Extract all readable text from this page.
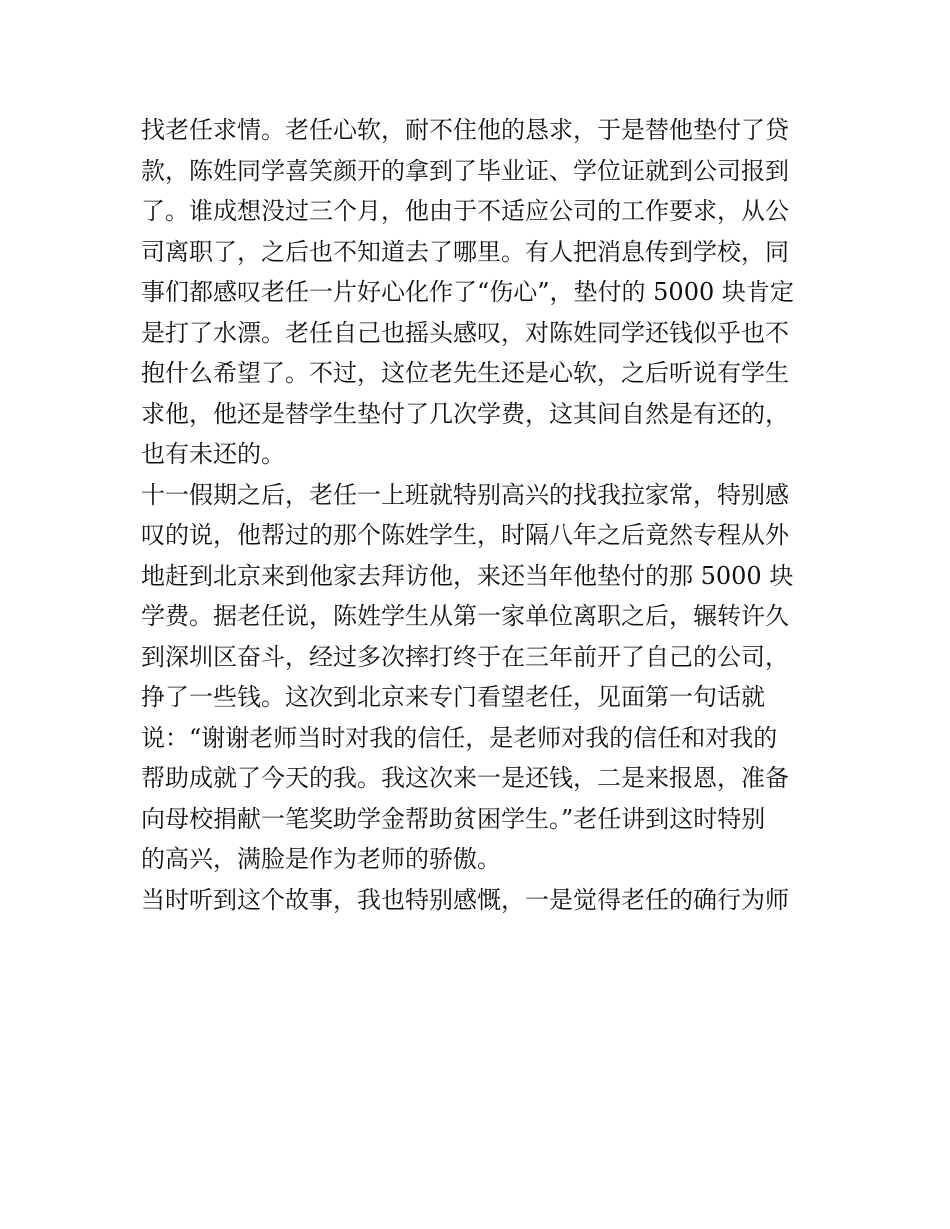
找老任求情。老任心软，耐不住他的恳求，于是替他垫付了贷
款，陈姓同学喜笑颜开的拿到了毕业证、学位证就到公司报到
了。谁成想没过三个月，他由于不适应公司的工作要求，从公
司离职了，之后也不知道去了哪里。有人把消息传到学校，同
事们都感叹老任一片好心化作了“伤心”，垫付的 5000 块肯定
是打了水漂。老任自己也摇头感叹，对陈姓同学还钱似乎也不
抱什么希望了。不过，这位老先生还是心软，之后听说有学生
求他，他还是替学生垫付了几次学费，这其间自然是有还的，
也有未还的。
十一假期之后，老任一上班就特别高兴的找我拉家常，特别感
叹的说，他帮过的那个陈姓学生，时隔八年之后竟然专程从外
地赶到北京来到他家去拜访他，来还当年他垫付的那 5000 块
学费。据老任说，陈姓学生从第一家单位离职之后，辗转许久
到深圳区奋斗，经过多次摔打终于在三年前开了自己的公司，
挣了一些钱。这次到北京来专门看望老任，见面第一句话就
说：“谢谢老师当时对我的信任，是老师对我的信任和对我的
帮助成就了今天的我。我这次来一是还钱，二是来报恩，准备
向母校捐献一笔奖助学金帮助贫困学生。”老任讲到这时特别
的高兴，满脸是作为老师的骄傲。
当时听到这个故事，我也特别感慨，一是觉得老任的确行为师
